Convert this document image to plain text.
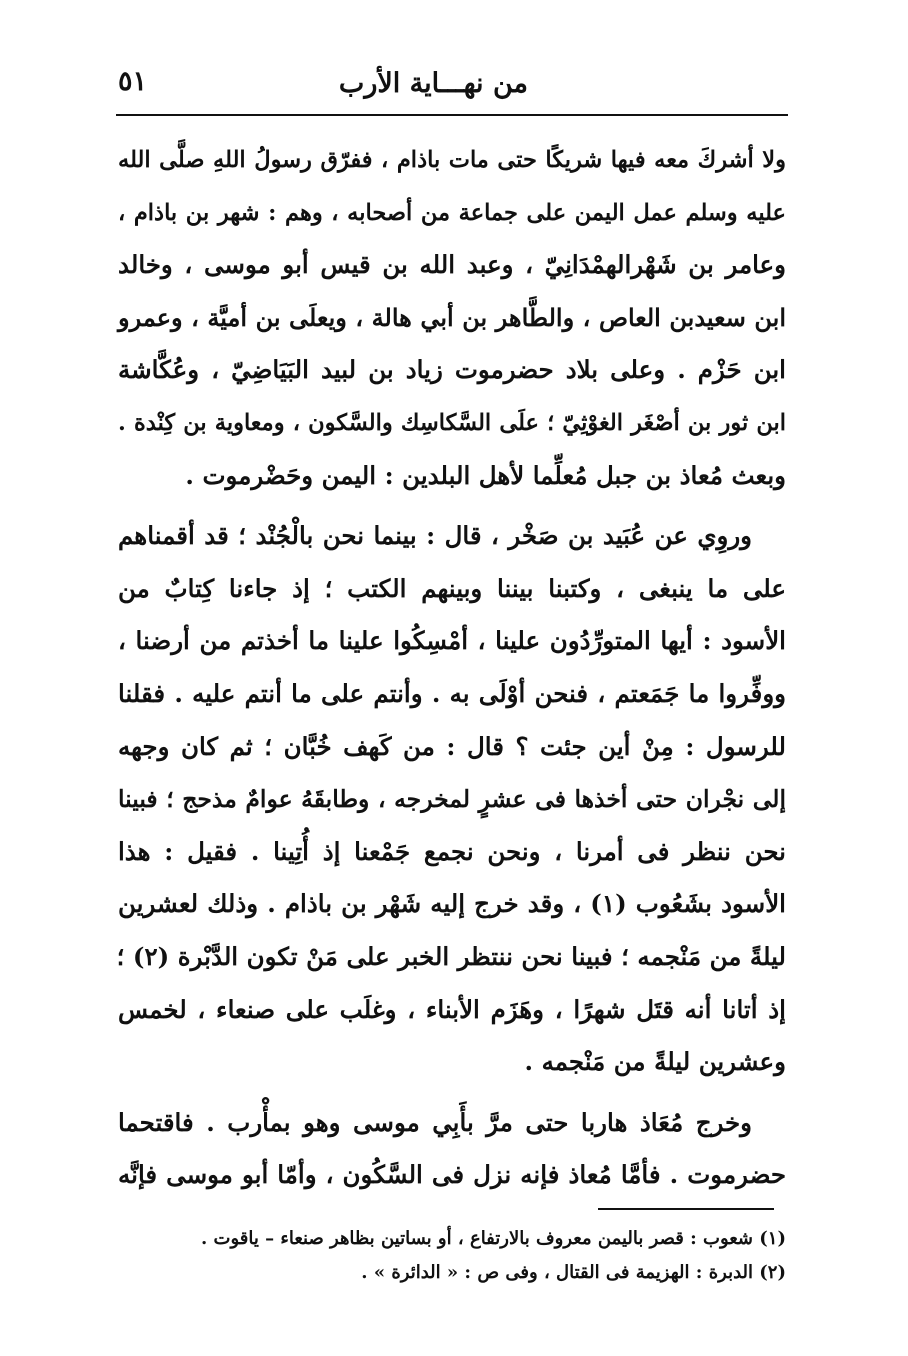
٥١	من نهـــاية الأرب
ولا أشركَ معه فيها شريكًا حتى مات باذام ، ففرّق رسولُ اللهِ صلَّى الله
عليه وسلم عمل اليمن على جماعة من أصحابه ، وهم : شهر بن باذام ،
وعامر بن شَهْرالهمْدَانِيّ ، وعبد الله بن قيس أبو موسى ، وخالد
ابن سعيدبن العاص ، والطَّاهر بن أبي هالة ، ويعلَى بن أميَّة ، وعمرو
ابن حَزْم . وعلى بلاد حضرموت زياد بن لبيد البَيَاضِيّ ، وعُكَّاشة
ابن ثور بن أصْغَر الغوْثِيّ ؛ علَى السَّكاسِك والسَّكون ، ومعاوية بن كِنْدة .
وبعث مُعاذ بن جبل مُعلِّما لأهل البلدين : اليمن وحَضْرموت .
وروِي عن عُبَيد بن صَخْر ، قال : بينما نحن بالْجُنْد ؛ قد أقمناهم
على ما ينبغى ، وكتبنا بيننا وبينهم الكتب ؛ إذ جاءنا كِتابٌ من
الأسود : أيها المتورِّدُون علينا ، أمْسِكُوا علينا ما أخذتم من أرضنا ،
ووفِّروا ما جَمَعتم ، فنحن أوْلَى به . وأنتم على ما أنتم عليه . فقلنا
للرسول : مِنْ أين جئت ؟ قال : من كَهف خُبَّان ؛ ثم كان وجهه
إلى نجْران حتى أخذها فى عشرٍ لمخرجه ، وطابقَهُ عوامٌ مذحج ؛ فبينا
نحن ننظر فى أمرنا ، ونحن نجمع جَمْعنا إذ أُتِينا . فقيل : هذا
الأسود بشَعُوب (١) ، وقد خرج إليه شَهْر بن باذام . وذلك لعشرين
ليلةً من مَنْجمه ؛ فبينا نحن ننتظر الخبر على مَنْ تكون الدَّبْرة (٢) ؛
إذ أتانا أنه قتَل شهرًا ، وهَزَم الأبناء ، وغلَب على صنعاء ، لخمس
وعشرين ليلةً من مَنْجمه .
وخرج مُعَاذ هاربا حتى مرَّ بأَبِي موسى وهو بمأْرب . فاقتحما
حضرموت . فأمَّا مُعاذ فإنه نزل فى السَّكُون ، وأمّا أبو موسى فإنَّه
(١) شعوب : قصر باليمن معروف بالارتفاع ، أو بساتين بظاهر صنعاء – ياقوت .
(٢) الدبرة : الهزيمة فى القتال ، وفى ص : « الدائرة » .
